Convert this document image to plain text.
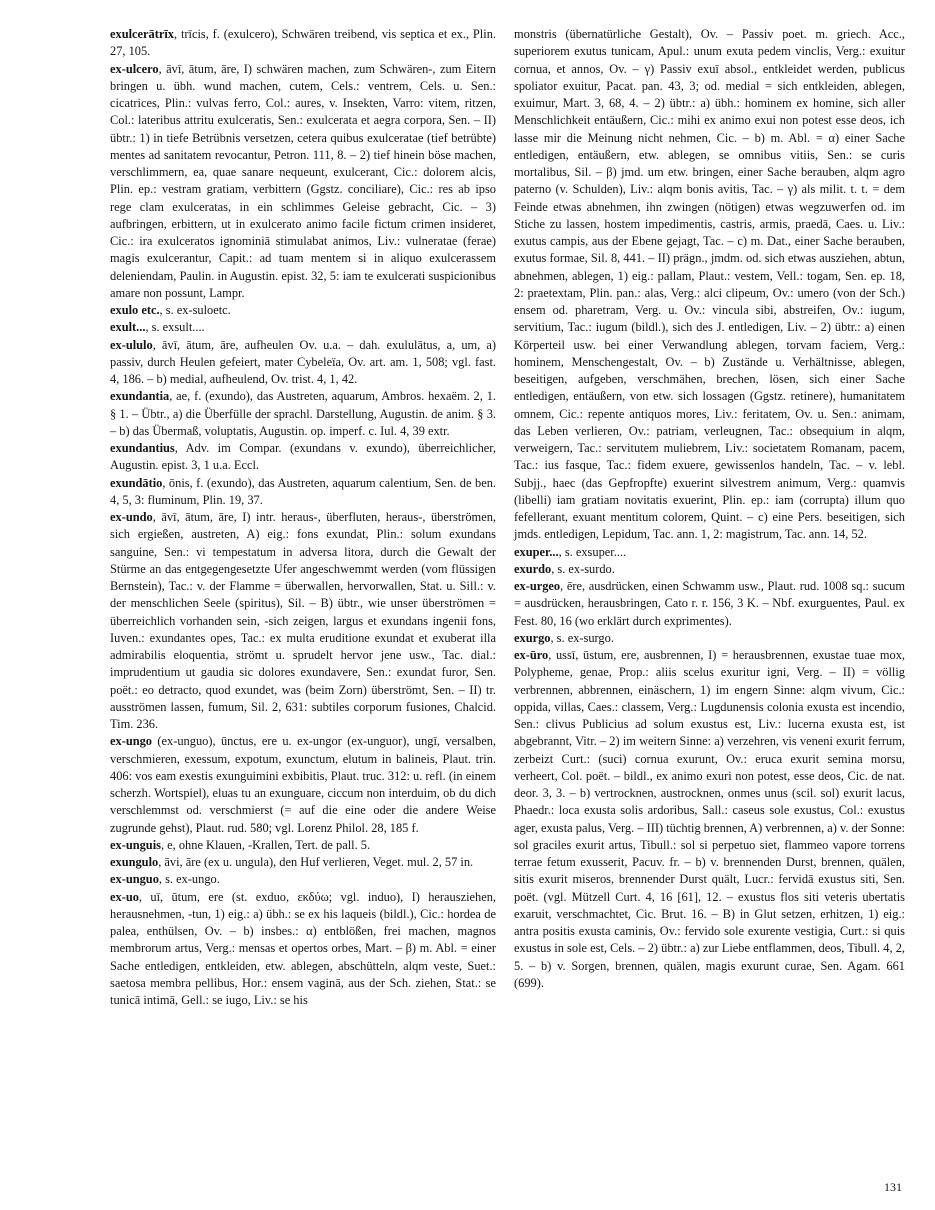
exulcerātrīx, trīcis, f. (exulcero), Schwären treibend, vis septica et ex., Plin. 27, 105.

ex-ulcero, āvī, ātum, āre, I) schwären machen, zum Schwären-, zum Eitern bringen u. übh. wund machen, cutem, Cels.: ventrem, Cels. u. Sen.: cicatrices, Plin.: vulvas ferro, Col.: aures, v. Insekten, Varro: vitem, ritzen, Col.: lateribus attritu exulceratis, Sen.: exulcerata et aegra corpora, Sen. – II) übtr.: 1) in tiefe Betrübnis versetzen, cetera quibus exulceratae (tief betrübte) mentes ad sanitatem revocantur, Petron. 111, 8. – 2) tief hinein böse machen, verschlimmern, ea, quae sanare nequeunt, exulcerant, Cic.: dolorem alcis, Plin. ep.: vestram gratiam, verbittern (Ggstz. conciliare), Cic.: res ab ipso rege clam exulceratas, in ein schlimmes Geleise gebracht, Cic. – 3) aufbringen, erbittern, ut in exulcerato animo facile fictum crimen insideret, Cic.: ira exulceratos ignominiā stimulabat animos, Liv.: vulneratae (ferae) magis exulcerantur, Capit.: ad tuam mentem si in aliquo exulcerassem deleniendam, Paulin. in Augustin. epist. 32, 5: iam te exulcerati suspicionibus amare non possunt, Lampr.

exulo etc., s. ex-suloetc.

exult..., s. exsult....

ex-ululo, āvī, ātum, āre, aufheulen Ov. u.a. – dah. exululātus, a, um, a) passiv, durch Heulen gefeiert, mater Cybeleïa, Ov. art. am. 1, 508; vgl. fast. 4, 186. – b) medial, aufheulend, Ov. trist. 4, 1, 42.

exundantia, ae, f. (exundo), das Austreten, aquarum, Ambros. hexaëm. 2, 1. § 1. – Übtr., a) die Überfülle der sprachl. Darstellung, Augustin. de anim. § 3. – b) das Übermaß, voluptatis, Augustin. op. imperf. c. Iul. 4, 39 extr.

exundantius, Adv. im Compar. (exundans v. exundo), überreichlicher, Augustin. epist. 3, 1 u.a. Eccl.

exundātio, ōnis, f. (exundo), das Austreten, aquarum calentium, Sen. de ben. 4, 5, 3: fluminum, Plin. 19, 37.

ex-undo, āvī, ātum, āre, I) intr. heraus-, überfluten, heraus-, überströmen, sich ergießen, austreten, A) eig.: fons exundat, Plin.: solum exundans sanguine, Sen.: vi tempestatum in adversa litora, durch die Gewalt der Stürme an das entgegengesetzte Ufer angeschwemmt werden (vom flüssigen Bernstein), Tac.: v. der Flamme = überwallen, hervorwallen, Stat. u. Sill.: v. der menschlichen Seele (spiritus), Sil. – B) übtr., wie unser überströmen = überreichlich vorhanden sein, -sich zeigen, largus et exundans ingenii fons, Iuven.: exundantes opes, Tac.: ex multa eruditione exundat et exuberat illa admirabilis eloquentia, strömt u. sprudelt hervor jene usw., Tac. dial.: imprudentium ut gaudia sic dolores exundavere, Sen.: exundat furor, Sen. poët.: eo detracto, quod exundet, was (beim Zorn) überströmt, Sen. – II) tr. ausströmen lassen, fumum, Sil. 2, 631: subtiles corporum fusiones, Chalcid. Tim. 236.

ex-ungo (ex-unguo), ūnctus, ere u. ex-ungor (ex-unguor), ungī, versalben, verschmieren, exessum, expotum, exunctum, elutum in balineis, Plaut. trin. 406: vos eam exestis exunguimini exbibitis, Plaut. truc. 312: u. refl. (in einem scherzh. Wortspiel), eluas tu an exunguare, ciccum non interduim, ob du dich verschlemmst od. verschmierst (= auf die eine oder die andere Weise zugrunde gehst), Plaut. rud. 580; vgl. Lorenz Philol. 28, 185 f.

ex-unguis, e, ohne Klauen, -Krallen, Tert. de pall. 5.

exungulo, āvi, āre (ex u. ungula), den Huf verlieren, Veget. mul. 2, 57 in.

ex-unguo, s. ex-ungo.

ex-uo, uī, ūtum, ere (st. exduo, εκδύω; vgl. induo), I) herausziehen, herausnehmen, -tun, 1) eig.: a) übh.: se ex his laqueis (bildl.), Cic.: hordea de palea, enthülsen, Ov. – b) insbes.: α) entblößen, frei machen, magnos membrorum artus, Verg.: mensas et opertos orbes, Mart. – β) m. Abl. = einer Sache entledigen, entkleiden, etw. ablegen, abschütteln, alqm veste, Suet.: saetosa membra pellibus, Hor.: ensem vaginā, aus der Sch. ziehen, Stat.: se tunicā intimā, Gell.: se iugo, Liv.: se his

monstris (übernatürliche Gestalt), Ov. – Passiv poet. m. griech. Acc., superiorem exutus tunicam, Apul.: unum exuta pedem vinclis, Verg.: exuitur cornua, et annos, Ov. – γ) Passiv exuī absol., entkleidet werden, publicus spoliator exuitur, Pacat. pan. 43, 3; od. medial = sich entkleiden, ablegen, exuimur, Mart. 3, 68, 4. – 2) übtr.: a) übh.: hominem ex homine, sich aller Menschlichkeit entäußern, Cic.: mihi ex animo exui non potest esse deos, ich lasse mir die Meinung nicht nehmen, Cic. – b) m. Abl. = α) einer Sache entledigen, entäußern, etw. ablegen, se omnibus vitiis, Sen.: se curis mortalibus, Sil. – β) jmd. um etw. bringen, einer Sache berauben, alqm agro paterno (v. Schulden), Liv.: alqm bonis avitis, Tac. – γ) als milit. t. t. = dem Feinde etwas abnehmen, ihn zwingen (nötigen) etwas wegzuwerfen od. im Stiche zu lassen, hostem impedimentis, castris, armis, praedā, Caes. u. Liv.: exutus campis, aus der Ebene gejagt, Tac. – c) m. Dat., einer Sache berauben, exutus formae, Sil. 8, 441. – II) prägn., jmdm. od. sich etwas ausziehen, abtun, abnehmen, ablegen, 1) eig.: pallam, Plaut.: vestem, Vell.: togam, Sen. ep. 18, 2: praetextam, Plin. pan.: alas, Verg.: alci clipeum, Ov.: umero (von der Sch.) ensem od. pharetram, Verg. u. Ov.: vincula sibi, abstreifen, Ov.: iugum, servitium, Tac.: iugum (bildl.), sich des J. entledigen, Liv. – 2) übtr.: a) einen Körperteil usw. bei einer Verwandlung ablegen, torvam faciem, Verg.: hominem, Menschengestalt, Ov. – b) Zustände u. Verhältnisse, ablegen, beseitigen, aufgeben, verschmähen, brechen, lösen, sich einer Sache entledigen, entäußern, von etw. sich lossagen (Ggstz. retinere), humanitatem omnem, Cic.: repente antiquos mores, Liv.: feritatem, Ov. u. Sen.: animam, das Leben verlieren, Ov.: patriam, verleugnen, Tac.: obsequium in alqm, verweigern, Tac.: servitutem muliebrem, Liv.: societatem Romanam, pacem, Tac.: ius fasque, Tac.: fidem exuere, gewissenlos handeln, Tac. – v. lebl. Subjj., haec (das Gepfropfte) exuerint silvestrem animum, Verg.: quamvis (libelli) iam gratiam novitatis exuerint, Plin. ep.: iam (corrupta) illum quo fefellerant, exuant mentitum colorem, Quint. – c) eine Pers. beseitigen, sich jmds. entledigen, Lepidum, Tac. ann. 1, 2: magistrum, Tac. ann. 14, 52.

exuper..., s. exsuper....

exurdo, s. ex-surdo.

ex-urgeo, ēre, ausdrücken, einen Schwamm usw., Plaut. rud. 1008 sq.: sucum = ausdrücken, herausbringen, Cato r. r. 156, 3 K. – Nbf. exurguentes, Paul. ex Fest. 80, 16 (wo erklärt durch exprimentes).

exurgo, s. ex-surgo.

ex-ūro, ussī, ūstum, ere, ausbrennen, I) = herausbrennen, exustae tuae mox, Polypheme, genae, Prop.: aliis scelus exuritur igni, Verg. – II) = völlig verbrennen, abbrennen, einäschern, 1) im engern Sinne: alqm vivum, Cic.: oppida, villas, Caes.: classem, Verg.: Lugdunensis colonia exusta est incendio, Sen.: clivus Publicius ad solum exustus est, Liv.: lucerna exusta est, ist abgebrannt, Vitr. – 2) im weitern Sinne: a) verzehren, vis veneni exurit ferrum, zerbeizt Curt.: (suci) cornua exurunt, Ov.: eruca exurit semina morsu, verheert, Col. poët. – bildl., ex animo exuri non potest, esse deos, Cic. de nat. deor. 3, 3. – b) vertrocknen, austrocknen, onmes unus (scil. sol) exurit lacus, Phaedr.: loca exusta solis ardoribus, Sall.: caseus sole exustus, Col.: exustus ager, exusta palus, Verg. – III) tüchtig brennen, A) verbrennen, a) v. der Sonne: sol graciles exurit artus, Tibull.: sol si perpetuo siet, flammeo vapore torrens terrae fetum exusserit, Pacuv. fr. – b) v. brennenden Durst, brennen, quälen, sitis exurit miseros, brennender Durst quält, Lucr.: fervidā exustus siti, Sen. poët. (vgl. Mützell Curt. 4, 16 [61], 12. – exustus flos siti veteris ubertatis exaruit, verschmachtet, Cic. Brut. 16. – B) in Glut setzen, erhitzen, 1) eig.: antra positis exusta caminis, Ov.: fervido sole exurente vestigia, Curt.: si quis exustus in sole est, Cels. – 2) übtr.: a) zur Liebe entflammen, deos, Tibull. 4, 2, 5. – b) v. Sorgen, brennen, quälen, magis exurunt curae, Sen. Agam. 661 (699).

131
